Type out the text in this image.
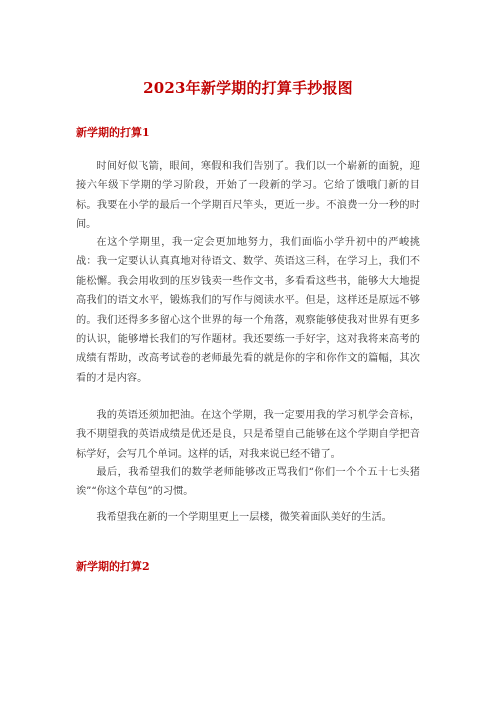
2023年新学期的打算手抄报图
新学期的打算1

时间好似飞箭，眼间，寒假和我们告别了。我们以一个崭新的面貌，迎接六年级下学期的学习阶段，开始了一段新的学习。它给了饿哦门新的目标。我要在小学的最后一个学期百尺竿头，更近一步。不浪费一分一秒的时间。

在这个学期里，我一定会更加地努力，我们面临小学升初中的严峻挑战：我一定要认认真真地对待语文、数学、英语这三科，在学习上，我们不能松懈。我会用收到的压岁钱卖一些作文书，多看看这些书，能够大大地提高我们的语文水平，锻炼我们的写作与阅读水平。但是，这样还是原远不够的。我们还得多多留心这个世界的每一个角落，观察能够使我对世界有更多的认识，能够增长我们的写作题材。我还要练一手好字，这对我将来高考的成绩有帮助，改高考试卷的老师最先看的就是你的字和你作文的篇幅，其次看的才是内容。

我的英语还须加把油。在这个学期，我一定要用我的学习机学会音标，我不期望我的英语成绩是优还是良，只是希望自己能够在这个学期自学把音标学好，会写几个单词。这样的话，对我来说已经不错了。

最后，我希望我们的数学老师能够改正骂我们“你们一个个五十七头猪诶”“你这个草包”的习惯。

我希望我在新的一个学期里更上一层楼，微笑着面队美好的生活。

新学期的打算2
